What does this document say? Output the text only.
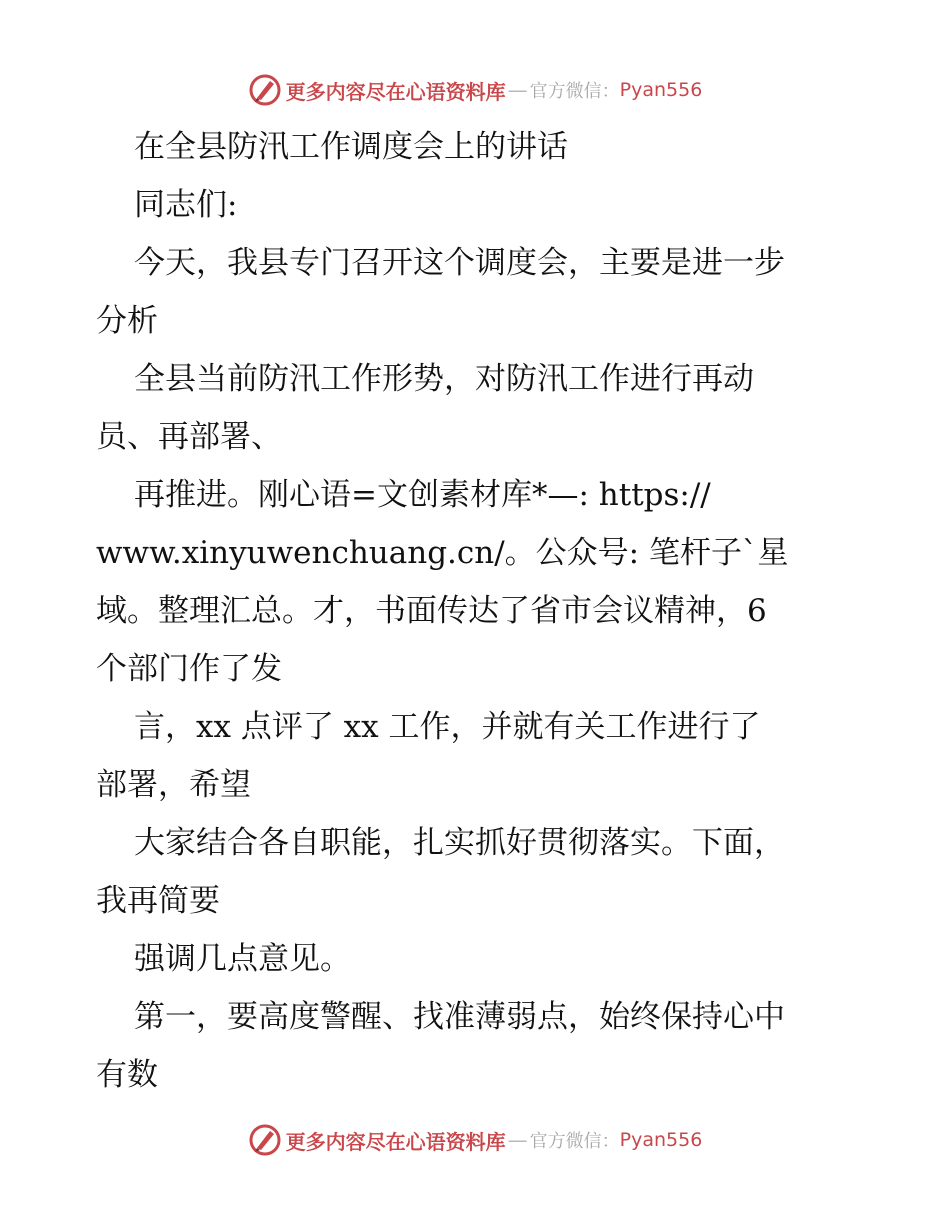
更多内容尽在心语资料库 — 官方微信： Pyan556
在全县防汛工作调度会上的讲话
同志们:
今天，我县专门召开这个调度会，主要是进一步
分析
全县当前防汛工作形势，对防汛工作进行再动
员、再部署、
再推进。刚心语=文创素材库*—: https://
www.xinyuwenchuang.cn/。公众号: 笔杆子`星
域。整理汇总。才，书面传达了省市会议精神，6
个部门作了发
言，xx 点评了 xx 工作，并就有关工作进行了
部署，希望
大家结合各自职能，扎实抓好贯彻落实。下面，
我再简要
强调几点意见。
第一，要高度警醒、找准薄弱点，始终保持心中
有数
更多内容尽在心语资料库 — 官方微信： Pyan556
